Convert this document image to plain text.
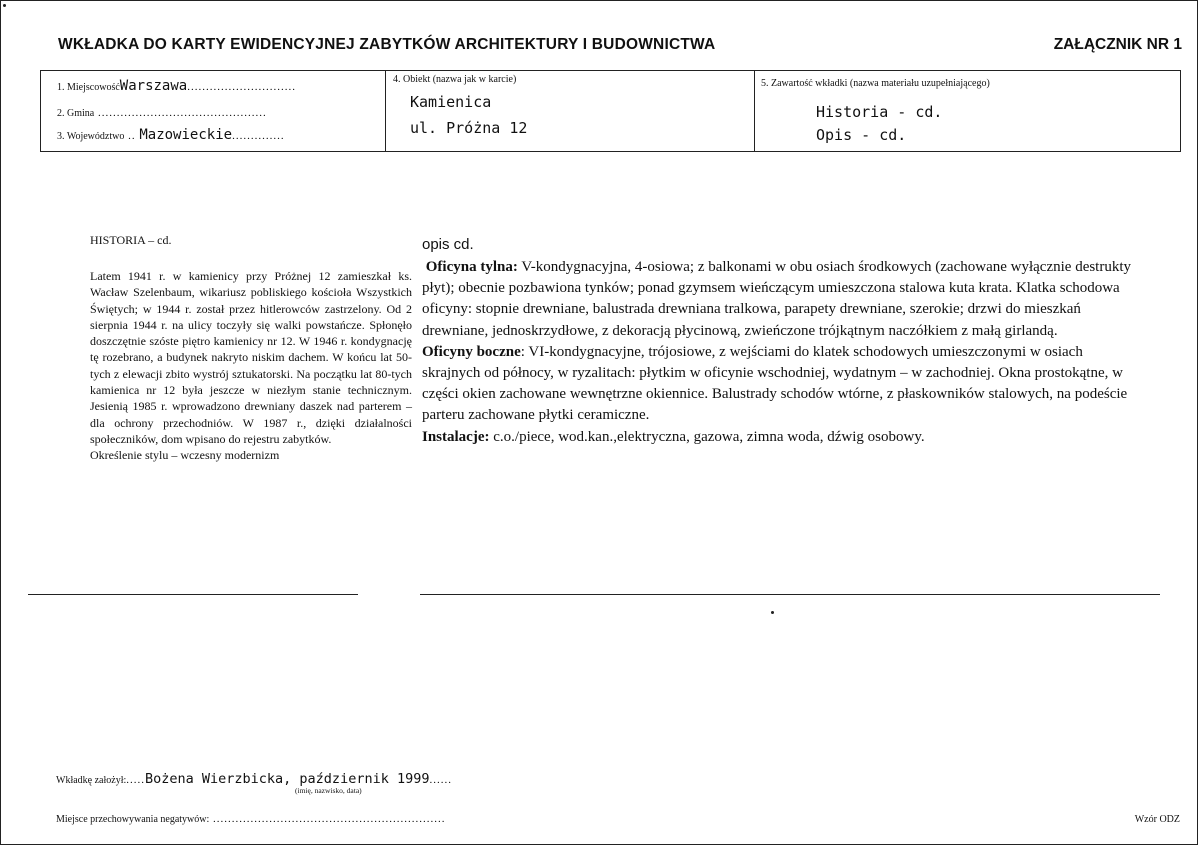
WKŁADKA DO KARTY EWIDENCYJNEJ ZABYTKÓW ARCHITEKTURY I BUDOWNICTWA	ZAŁĄCZNIK NR 1
1. MiejscowośćWarszawa.............................
2. Gmina .............................................
3. Województwo .. Mazowieckie..............
4. Obiekt (nazwa jak w karcie)
Kamienica
ul. Próżna 12
5. Zawartość wkładki (nazwa materiału uzupełniającego)
Historia - cd.
Opis - cd.
HISTORIA – cd.

Latem 1941 r. w kamienicy przy Próżnej 12 zamieszkał ks. Wacław Szelenbaum, wikariusz pobliskiego kościoła Wszystkich Świętych; w 1944 r. został przez hitlerowców zastrzelony. Od 2 sierpnia 1944 r. na ulicy toczyły się walki powstańcze. Spłonęło doszczętnie szóste piętro kamienicy nr 12. W 1946 r. kondygnację tę rozebrano, a budynek nakryto niskim dachem. W końcu lat 50-tych z elewacji zbito wystrój sztukatorski. Na początku lat 80-tych kamienica nr 12 była jeszcze w niezłym stanie technicznym. Jesienią 1985 r. wprowadzono drewniany daszek nad parterem – dla ochrony przechodniów. W 1987 r., dzięki działalności społeczników, dom wpisano do rejestru zabytków.

Określenie stylu – wczesny modernizm

opis cd.

Oficyna tylna: V-kondygnacyjna, 4-osiowa; z balkonami w obu osiach środkowych (zachowane wyłącznie destrukty płyt); obecnie pozbawiona tynków; ponad gzymsem wieńczącym umieszczona stalowa kuta krata. Klatka schodowa oficyny: stopnie drewniane, balustrada drewniana tralkowa, parapety drewniane, szerokie; drzwi do mieszkań drewniane, jednoskrzydłowe, z dekoracją płycinową, zwieńczone trójkątnym naczółkiem z małą girlandą.

Oficyny boczne: VI-kondygnacyjne, trójosiowe, z wejściami do klatek schodowych umieszczonymi w osiach skrajnych od północy, w ryzalitach: płytkim w oficynie wschodniej, wydatnym – w zachodniej. Okna prostokątne, w części okien zachowane wewnętrzne okiennice. Balustrady schodów wtórne, z płaskowników stalowych, na podeście parteru zachowane płytki ceramiczne.

Instalacje: c.o./piece, wod.kan.,elektryczna, gazowa, zimna woda, dźwig osobowy.

Wkładkę założył:.....Bożena Wierzbicka, październik 1999......
(imię, nazwisko, data)
Miejsce przechowywania negatywów: ..............................................................	Wzór ODZ
